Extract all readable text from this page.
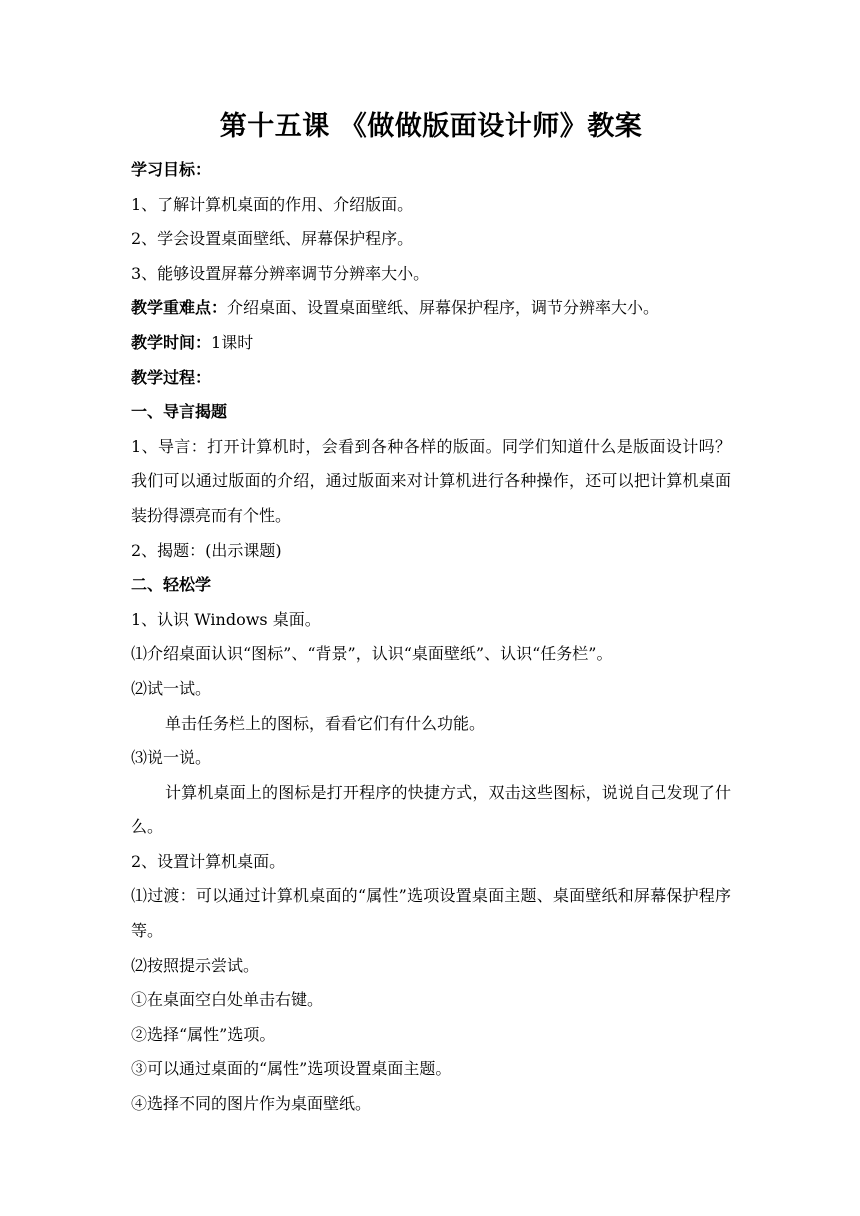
第十五课 《做做版面设计师》教案

学习目标：

1、了解计算机桌面的作用、介绍版面。

2、学会设置桌面壁纸、屏幕保护程序。

3、能够设置屏幕分辨率调节分辨率大小。

教学重难点：介绍桌面、设置桌面壁纸、屏幕保护程序，调节分辨率大小。

教学时间：1课时

教学过程：

一、导言揭题

1、导言：打开计算机时，会看到各种各样的版面。同学们知道什么是版面设计吗？我们可以通过版面的介绍，通过版面来对计算机进行各种操作，还可以把计算机桌面装扮得漂亮而有个性。

2、揭题：(出示课题)

二、轻松学

1、认识 Windows 桌面。

⑴介绍桌面认识“图标”、“背景”，认识“桌面壁纸”、认识“任务栏”。

⑵试一试。

单击任务栏上的图标，看看它们有什么功能。

⑶说一说。

计算机桌面上的图标是打开程序的快捷方式，双击这些图标，说说自己发现了什么。

2、设置计算机桌面。

⑴过渡：可以通过计算机桌面的“属性”选项设置桌面主题、桌面壁纸和屏幕保护程序等。

⑵按照提示尝试。

①在桌面空白处单击右键。

②选择“属性”选项。

③可以通过桌面的“属性”选项设置桌面主题。

④选择不同的图片作为桌面壁纸。
